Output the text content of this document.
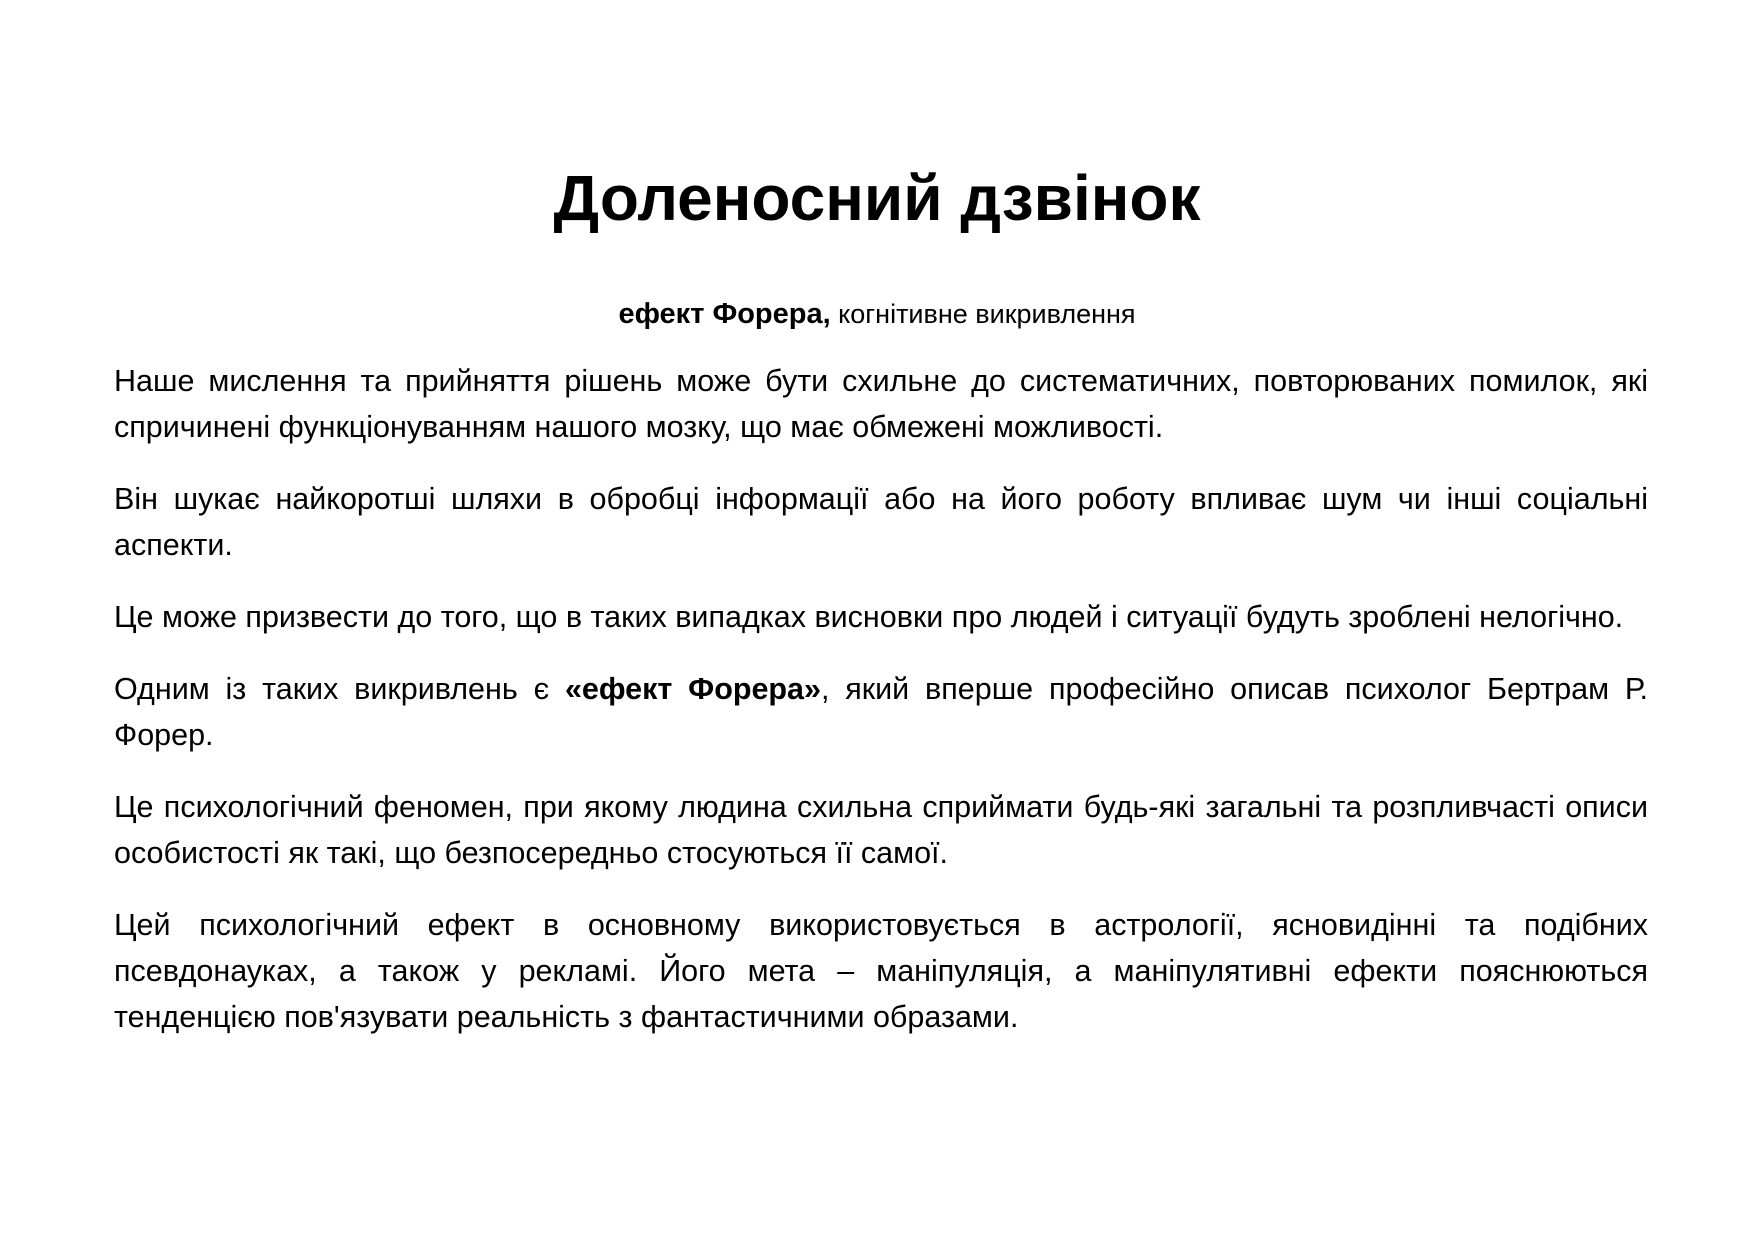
Доленосний дзвінок

ефект Форера, когнітивне викривлення

Наше мислення та прийняття рішень може бути схильне до систематичних, повторюваних помилок, які спричинені функціонуванням нашого мозку, що має обмежені можливості.

Він шукає найкоротші шляхи в обробці інформації або на його роботу впливає шум чи інші соціальні аспекти.

Це може призвести до того, що в таких випадках висновки про людей і ситуації будуть зроблені нелогічно.

Одним із таких викривлень є «ефект Форера», який вперше професійно описав психолог Бертрам Р. Форер.

Це психологічний феномен, при якому людина схильна сприймати будь-які загальні та розпливчасті описи особистості як такі, що безпосередньо стосуються її самої.

Цей психологічний ефект в основному використовується в астрології, ясновидінні та подібних псевдонауках, а також у рекламі. Його мета – маніпуляція, а маніпулятивні ефекти пояснюються тенденцією пов'язувати реальність з фантастичними образами.
